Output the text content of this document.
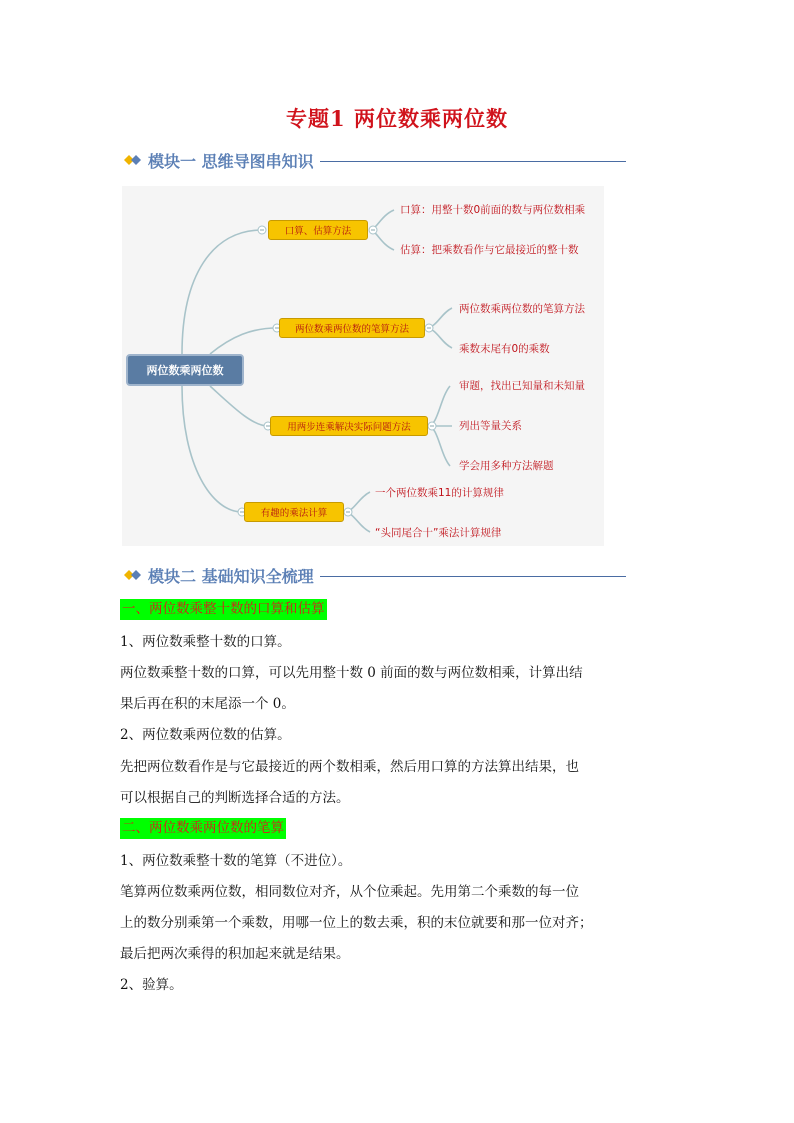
专题1 两位数乘两位数
模块一 思维导图串知识
两位数乘两位数
口算、估算方法
两位数乘两位数的笔算方法
用两步连乘解决实际问题方法
有趣的乘法计算
口算：用整十数0前面的数与两位数相乘
估算：把乘数看作与它最接近的整十数
两位数乘两位数的笔算方法
乘数末尾有0的乘数
审题，找出已知量和未知量
列出等量关系
学会用多种方法解题
一个两位数乘11的计算规律
“头同尾合十”乘法计算规律
模块二 基础知识全梳理
一、两位数乘整十数的口算和估算
1、两位数乘整十数的口算。
两位数乘整十数的口算，可以先用整十数 0 前面的数与两位数相乘，计算出结
果后再在积的末尾添一个 0。
2、两位数乘两位数的估算。
先把两位数看作是与它最接近的两个数相乘，然后用口算的方法算出结果，也
可以根据自己的判断选择合适的方法。
二、两位数乘两位数的笔算
1、两位数乘整十数的笔算（不进位）。
笔算两位数乘两位数，相同数位对齐，从个位乘起。先用第二个乘数的每一位
上的数分别乘第一个乘数，用哪一位上的数去乘，积的末位就要和那一位对齐；
最后把两次乘得的积加起来就是结果。
2、验算。
